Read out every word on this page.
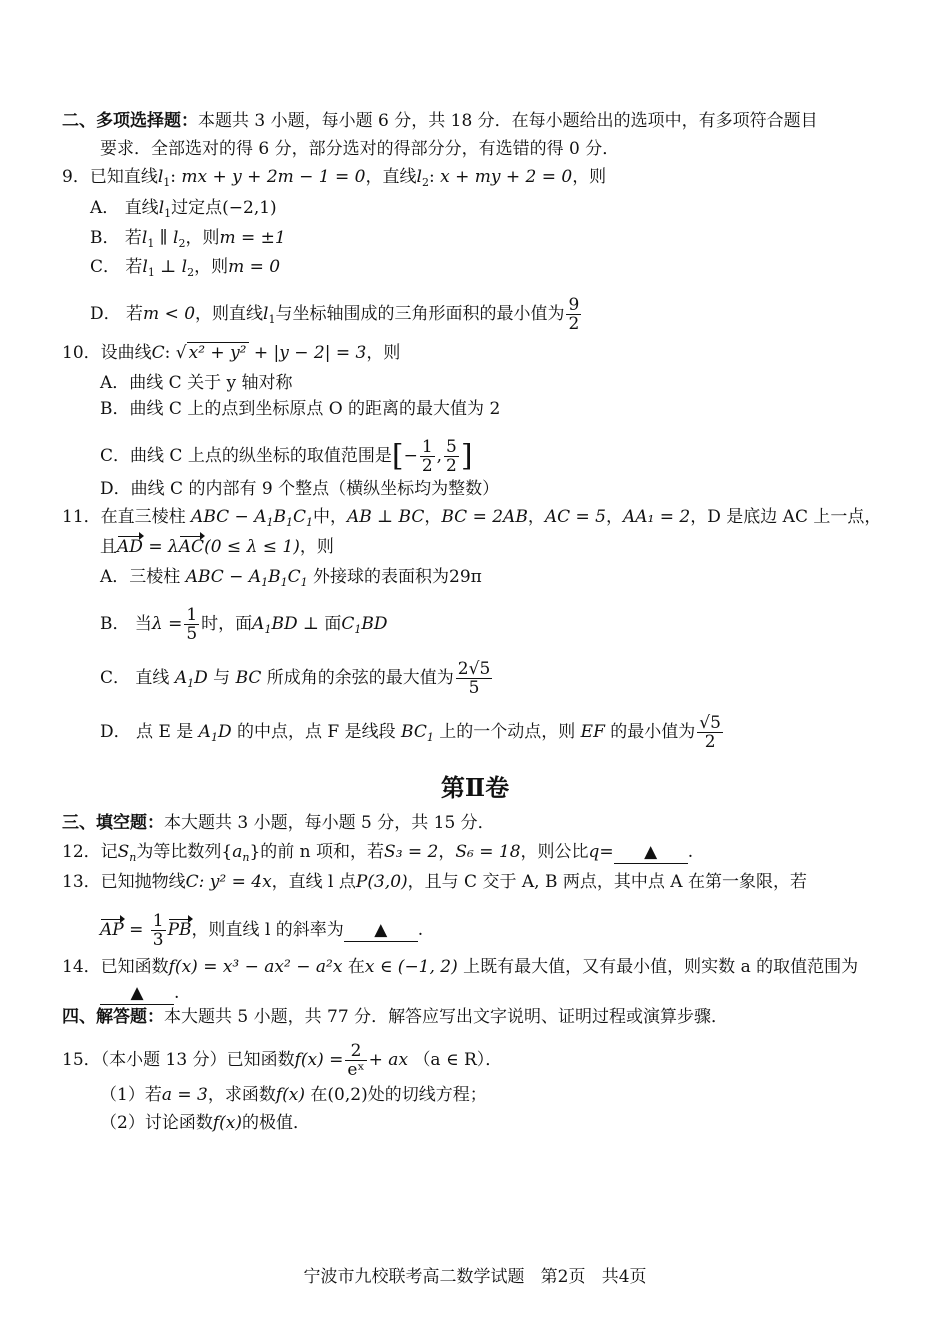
二、多项选择题：本题共 3 小题，每小题 6 分，共 18 分．在每小题给出的选项中，有多项符合题目
要求．全部选对的得 6 分，部分选对的得部分分，有选错的得 0 分．
9．已知直线$l_1$: mx + y + 2m − 1 = 0，直线$l_2$: x + my + 2 = 0，则
A． 直线$l_1$过定点(−2,1)
B． 若$l_1$ ∥ $l_2$，则m = ±1
C． 若$l_1$ ⊥ $l_2$，则m = 0
D． 若m < 0，则直线$l_1$与坐标轴围成的三角形面积的最小值为 $\frac{9}{2}$
10．设曲线C: √ x² + y² + |y − 2| = 3，则
A．曲线 C 关于 y 轴对称
B．曲线 C 上的点到坐标原点 O 的距离的最大值为 2
C．曲线 C 上点的纵坐标的取值范围是[− $\frac{1}{2}$ , $\frac{5}{2}$ ]
D．曲线 C 的内部有 9 个整点（横纵坐标均为整数）
11．在直三棱柱 ABC − $A_1B_1C_1$中，AB ⊥ BC，BC = 2AB，AC = 5，AA₁ = 2，D 是底边 AC 上一点，
且AD = λAC(0 ≤ λ ≤ 1)，则
A．三棱柱 ABC − $A_1B_1C_1$ 外接球的表面积为29π
B． 当$\lambda = \frac{1}{5}$ 时，面$A_1BD$ ⊥ 面$C_1BD$
C． 直线 $A_1D$ 与 BC 所成角的余弦的最大值为 $\frac{2√5}{5}$
D． 点 E 是 $A_1D$ 的中点，点 F 是线段 $BC_1$ 上的一个动点，则 EF 的最小值为 $\frac{√5}{2}$
第Ⅱ卷
三、填空题：本大题共 3 小题，每小题 5 分，共 15 分．
12．记$S_n$为等比数列$\{a_n\}$的前 n 项和，若S₃ = 2，S₆ = 18，则公比q= ▲ .
13．已知抛物线C: y² = 4x，直线 l 点P(3,0)，且与 C 交于 A, B 两点，其中点 A 在第一象限，若
AP = $\frac{1}{3}$ PB，则直线 l 的斜率为 ▲ .
14．已知函数f(x) = x³ − ax² − a²x 在x ∈ (−1, 2) 上既有最大值，又有最小值，则实数 a 的取值范围为
▲ .
四、解答题：本大题共 5 小题，共 77 分．解答应写出文字说明、证明过程或演算步骤．
15．（本小题 13 分）已知函数$f(x) = \frac{2}{\text{eˣ}}$ + ax （a ∈ R）．
（1）若a = 3，求函数f(x) 在(0,2)处的切线方程；
（2）讨论函数f(x)的极值．
宁波市九校联考高二数学试题 第2页 共4页
